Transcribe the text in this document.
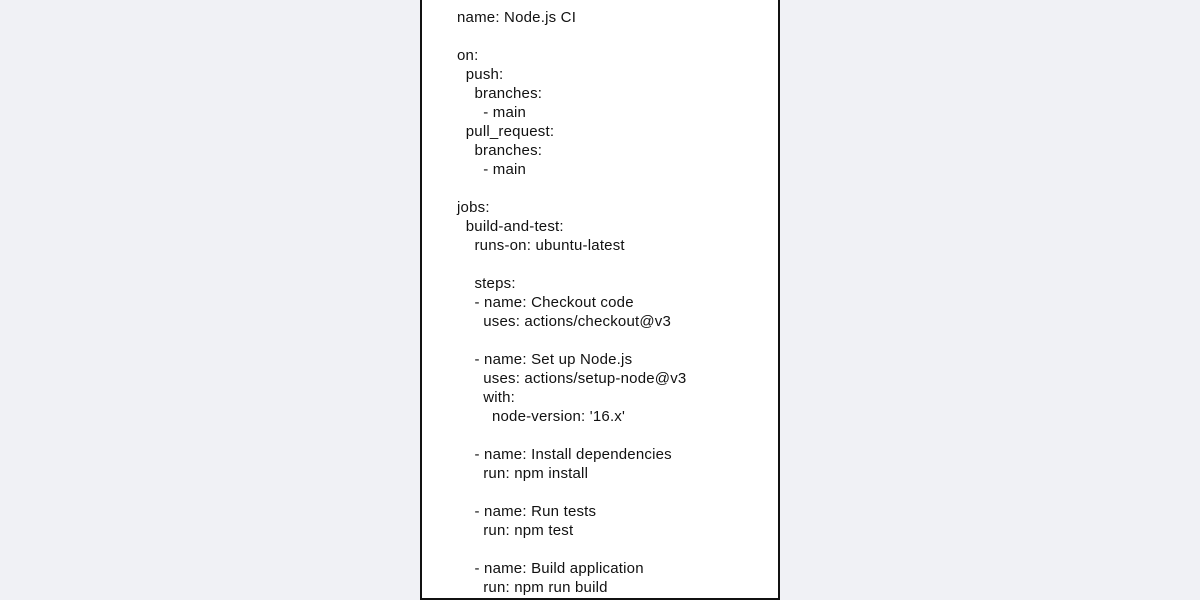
name: Node.js CI
on:
push:
branches:
- main
pull_request:
branches:
- main
jobs:
build-and-test:
runs-on: ubuntu-latest
steps:
- name: Checkout code
uses: actions/checkout@v3
- name: Set up Node.js
uses: actions/setup-node@v3
with:
node-version: '16.x'
- name: Install dependencies
run: npm install
- name: Run tests
run: npm test
- name: Build application
run: npm run build
